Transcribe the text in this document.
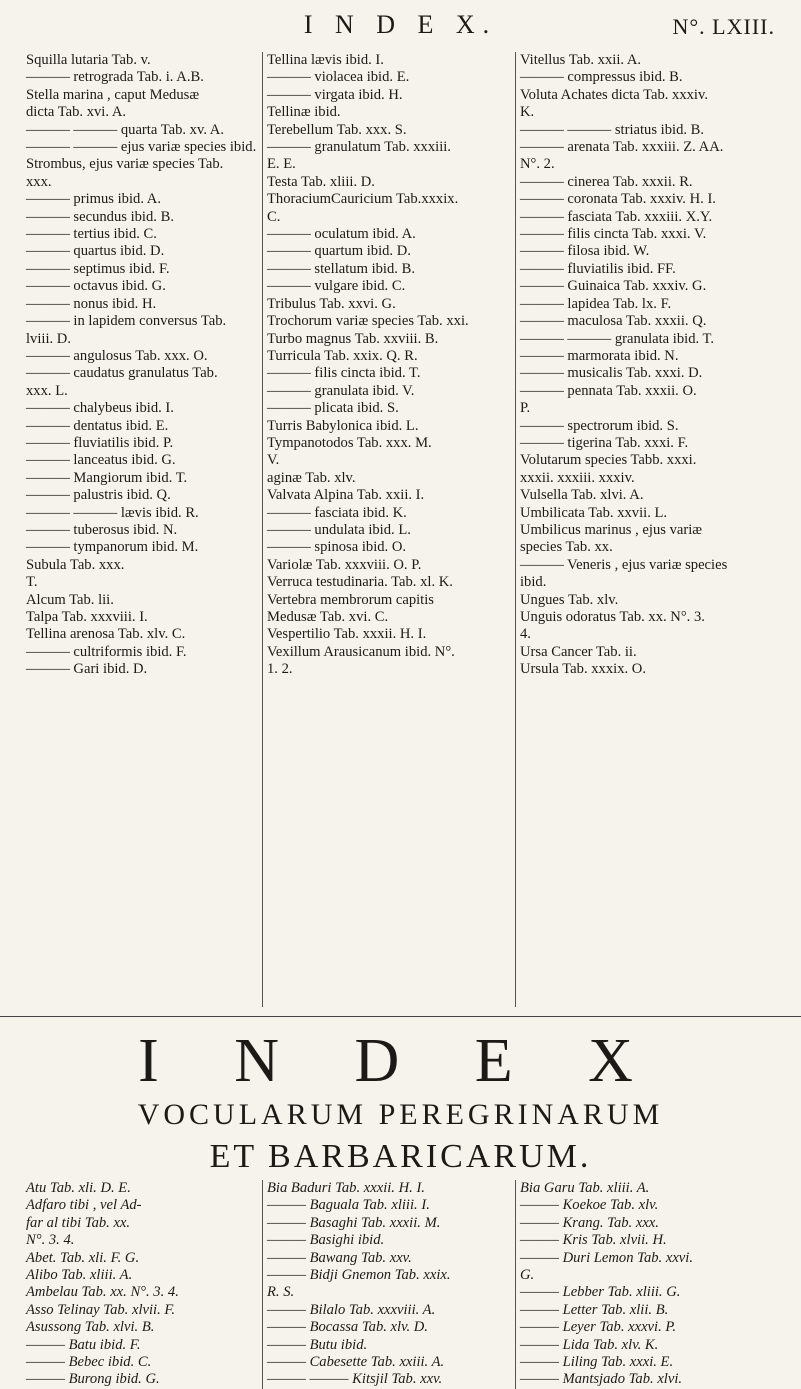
I N D E X.	N°. LXIII.
Squilla lutaria Tab. v.
——— retrograda Tab. i. A.B.
Stella marina , caput Medusæ
dicta Tab. xvi. A.
——— ——— quarta Tab. xv. A.
——— ——— ejus variæ species ibid.
Strombus, ejus variæ species Tab.
xxx.
——— primus ibid. A.
——— secundus ibid. B.
——— tertius ibid. C.
——— quartus ibid. D.
——— septimus ibid. F.
——— octavus ibid. G.
——— nonus ibid. H.
——— in lapidem conversus Tab.
lviii. D.
——— angulosus Tab. xxx. O.
——— caudatus granulatus Tab.
xxx. L.
——— chalybeus ibid. I.
——— dentatus ibid. E.
——— fluviatilis ibid. P.
——— lanceatus ibid. G.
——— Mangiorum ibid. T.
——— palustris ibid. Q.
——— ——— lævis ibid. R.
——— tuberosus ibid. N.
——— tympanorum ibid. M.
Subula Tab. xxx.
T.
Alcum Tab. lii.
Talpa Tab. xxxviii. I.
Tellina arenosa Tab. xlv. C.
——— cultriformis ibid. F.
——— Gari ibid. D.
Tellina lævis ibid. I.
——— violacea ibid. E.
——— virgata ibid. H.
Tellinæ ibid.
Terebellum Tab. xxx. S.
——— granulatum Tab. xxxiii.
E. E.
Testa Tab. xliii. D.
ThoraciumCauricium Tab.xxxix.
C.
——— oculatum ibid. A.
——— quartum ibid. D.
——— stellatum ibid. B.
——— vulgare ibid. C.
Tribulus Tab. xxvi. G.
Trochorum variæ species Tab. xxi.
Turbo magnus Tab. xxviii. B.
Turricula Tab. xxix. Q. R.
——— filis cincta ibid. T.
——— granulata ibid. V.
——— plicata ibid. S.
Turris Babylonica ibid. L.
Tympanotodos Tab. xxx. M.
V.
aginæ Tab. xlv.
Valvata Alpina Tab. xxii. I.
——— fasciata ibid. K.
——— undulata ibid. L.
——— spinosa ibid. O.
Variolæ Tab. xxxviii. O. P.
Verruca testudinaria. Tab. xl. K.
Vertebra membrorum capitis
Medusæ Tab. xvi. C.
Vespertilio Tab. xxxii. H. I.
Vexillum Arausicanum ibid. N°.
1. 2.
Vitellus Tab. xxii. A.
——— compressus ibid. B.
Voluta Achates dicta Tab. xxxiv.
K.
——— ——— striatus ibid. B.
——— arenata Tab. xxxiii. Z. AA.
N°. 2.
——— cinerea Tab. xxxii. R.
——— coronata Tab. xxxiv. H. I.
——— fasciata Tab. xxxiii. X.Y.
——— filis cincta Tab. xxxi. V.
——— filosa ibid. W.
——— fluviatilis ibid. FF.
——— Guinaica Tab. xxxiv. G.
——— lapidea Tab. lx. F.
——— maculosa Tab. xxxii. Q.
——— ——— granulata ibid. T.
——— marmorata ibid. N.
——— musicalis Tab. xxxi. D.
——— pennata Tab. xxxii. O.
P.
——— spectrorum ibid. S.
——— tigerina Tab. xxxi. F.
Volutarum species Tabb. xxxi.
xxxii. xxxiii. xxxiv.
Vulsella Tab. xlvi. A.
Umbilicata Tab. xxvii. L.
Umbilicus marinus , ejus variæ
species Tab. xx.
——— Veneris , ejus variæ species
ibid.
Ungues Tab. xlv.
Unguis odoratus Tab. xx. N°. 3.
4.
Ursa Cancer Tab. ii.
Ursula Tab. xxxix. O.
I N D E X
VOCULARUM PEREGRINARUM
ET BARBARICARUM.
Atu Tab. xli. D. E.
Adfaro tibi , vel Ad-
far al tibi Tab. xx.
N°. 3. 4.
Abet. Tab. xli. F. G.
Alibo Tab. xliii. A.
Ambelau Tab. xx. N°. 3. 4.
Asso Telinay Tab. xlvii. F.
Asussong Tab. xlvi. B.
——— Batu ibid. F.
——— Bebec ibid. C.
——— Burong ibid. G.
Bia Baduri Tab. xxxii. H. I.
——— Baguala Tab. xliii. I.
——— Basaghi Tab. xxxii. M.
——— Basighi ibid.
——— Bawang Tab. xxv.
——— Bidji Gnemon Tab. xxix.
R. S.
——— Bilalo Tab. xxxviii. A.
——— Bocassa Tab. xlv. D.
——— Butu ibid.
——— Cabesette Tab. xxiii. A.
——— ——— Kitsjil Tab. xxv.
Bia Garu Tab. xliii. A.
——— Koekoe Tab. xlv.
——— Krang. Tab. xxx.
——— Kris Tab. xlvii. H.
——— Duri Lemon Tab. xxvi.
G.
——— Lebber Tab. xliii. G.
——— Letter Tab. xlii. B.
——— Leyer Tab. xxxvi. P.
——— Lida Tab. xlv. K.
——— Liling Tab. xxxi. E.
——— Mantsjado Tab. xlvi.
